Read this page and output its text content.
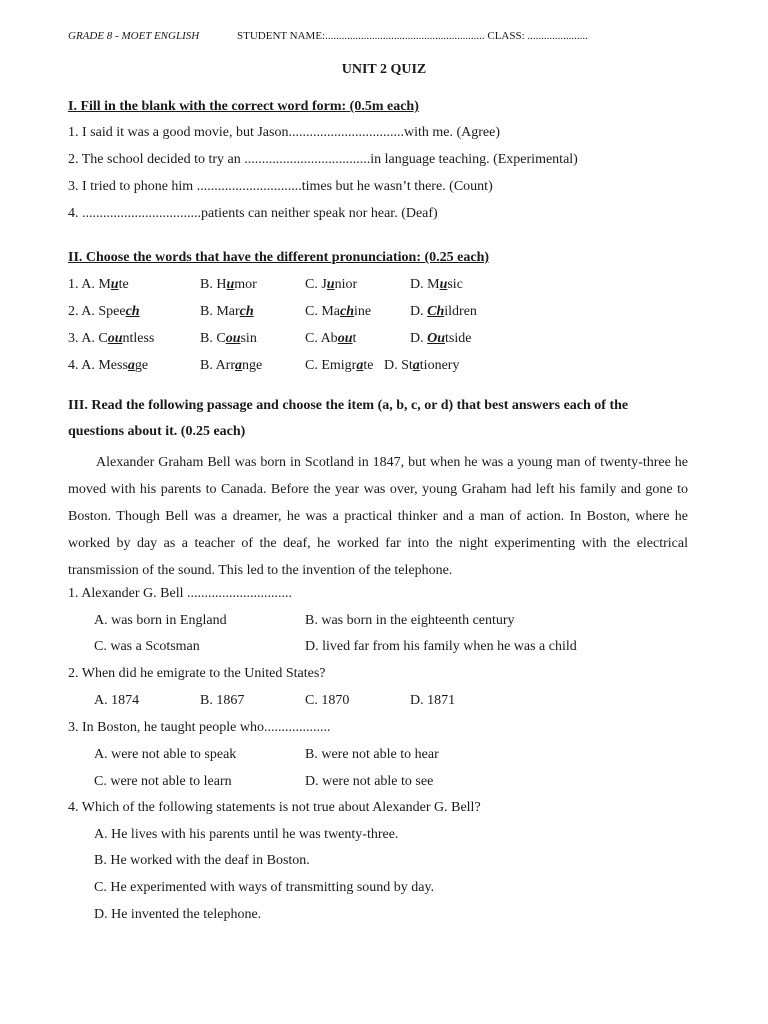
GRADE 8 - MOET ENGLISH	STUDENT NAME:.......................................................... CLASS: ......................
UNIT 2 QUIZ
I. Fill in the blank with the correct word form: (0.5m each)
1. I said it was a good movie, but Jason.................................with me. (Agree)
2. The school decided to try an ....................................in language teaching. (Experimental)
3. I tried to phone him ..............................times but he wasn’t there. (Count)
4. ..................................patients can neither speak nor hear. (Deaf)
II. Choose the words that have the different pronunciation: (0.25 each)
1. A. Mute	B. Humor	C. Junior	D. Music
2. A. Speech	B. March	C. Machine	D. Children
3. A. Countless	B. Cousin	C. About	D. Outside
4. A. Message	B. Arrange	C. Emigrate D. Stationery
III. Read the following passage and choose the item (a, b, c, or d) that best answers each of the
questions about it. (0.25 each)
Alexander Graham Bell was born in Scotland in 1847, but when he was a young man of twenty-three he moved with his parents to Canada. Before the year was over, young Graham had left his family and gone to Boston. Though Bell was a dreamer, he was a practical thinker and a man of action. In Boston, where he worked by day as a teacher of the deaf, he worked far into the night experimenting with the electrical transmission of the sound. This led to the invention of the telephone.
1. Alexander G. Bell ..............................
A. was born in England	B. was born in the eighteenth century
C. was a Scotsman	D. lived far from his family when he was a child
2. When did he emigrate to the United States?
A. 1874	B. 1867	C. 1870	D. 1871
3. In Boston, he taught people who...................
A. were not able to speak	B. were not able to hear
C. were not able to learn	D. were not able to see
4. Which of the following statements is not true about Alexander G. Bell?
A. He lives with his parents until he was twenty-three.
B. He worked with the deaf in Boston.
C. He experimented with ways of transmitting sound by day.
D. He invented the telephone.
